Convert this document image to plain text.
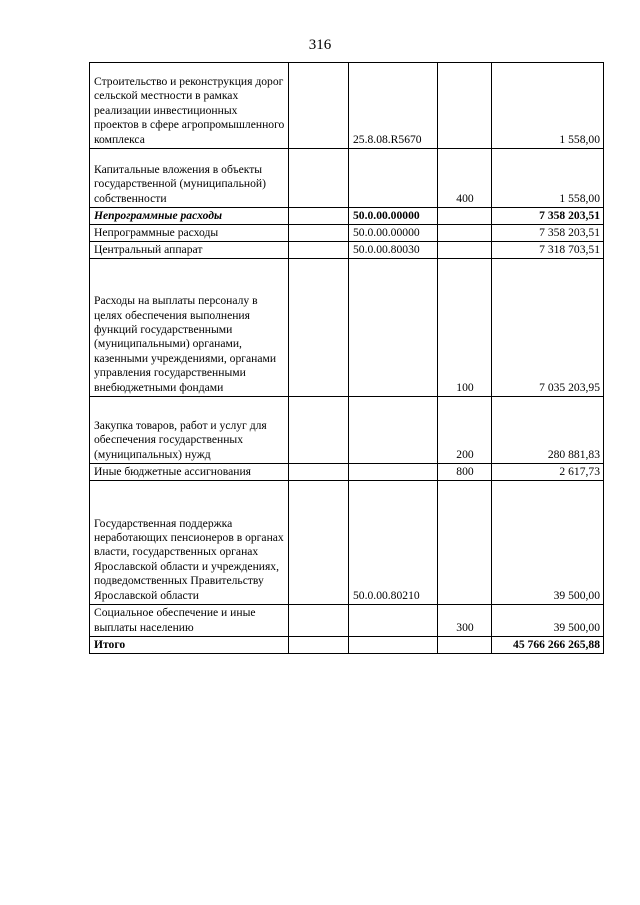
316
Строительство и реконструкция дорог сельской местности в рамках реализации инвестиционных проектов в сфере агропромышленного комплекса		25.8.08.R5670		1 558,00
Капитальные вложения в объекты государственной (муниципальной) собственности			400	1 558,00
Непрограммные расходы		50.0.00.00000		7 358 203,51
Непрограммные расходы		50.0.00.00000		7 358 203,51
Центральный аппарат		50.0.00.80030		7 318 703,51
Расходы на выплаты персоналу в целях обеспечения выполнения функций государственными (муниципальными) органами, казенными учреждениями, органами управления государственными внебюджетными фондами			100	7 035 203,95
Закупка товаров, работ и услуг для обеспечения государственных (муниципальных) нужд			200	280 881,83
Иные бюджетные ассигнования			800	2 617,73
Государственная поддержка неработающих пенсионеров в органах власти, государственных органах Ярославской области и учреждениях, подведомственных Правительству Ярославской области		50.0.00.80210		39 500,00
Социальное обеспечение и иные выплаты населению			300	39 500,00
Итого				45 766 266 265,88
